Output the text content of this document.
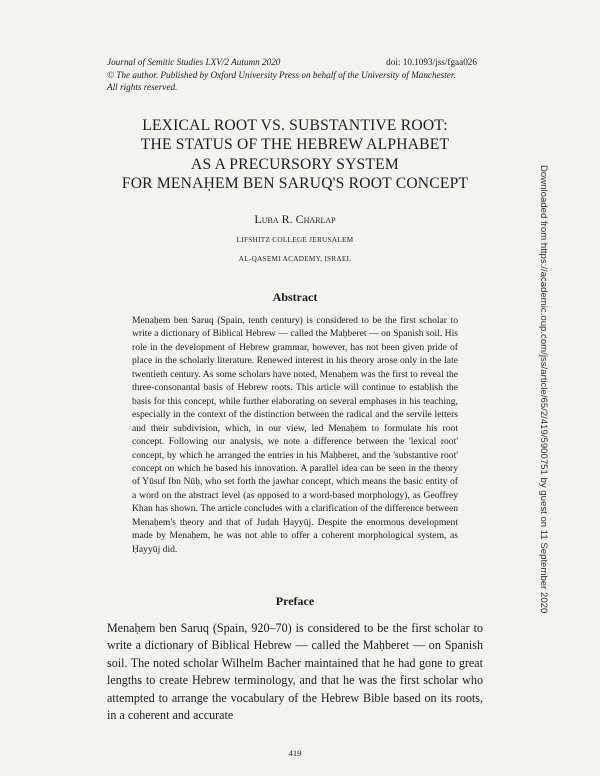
Journal of Semitic Studies LXV/2 Autumn 2020	doi: 10.1093/jss/fgaa026
© The author. Published by Oxford University Press on behalf of the University of Manchester.
All rights reserved.
LEXICAL ROOT VS. SUBSTANTIVE ROOT:
THE STATUS OF THE HEBREW ALPHABET
AS A PRECURSORY SYSTEM
FOR MENAḤEM BEN SARUQ'S ROOT CONCEPT
Luba R. Charlap
LIFSHITZ COLLEGE JERUSALEM
AL-QASEMI ACADEMY, ISRAEL
Abstract

Menaḥem ben Saruq (Spain, tenth century) is considered to be the first scholar to write a dictionary of Biblical Hebrew — called the Maḥberet — on Spanish soil. His role in the development of Hebrew grammar, however, has not been given pride of place in the scholarly literature. Renewed interest in his theory arose only in the late twentieth century. As some scholars have noted, Menaḥem was the first to reveal the three-consonantal basis of Hebrew roots. This article will continue to establish the basis for this concept, while further elaborating on several emphases in his teaching, especially in the context of the distinction between the radical and the servile letters and their subdivision, which, in our view, led Menaḥem to formulate his root concept. Following our analysis, we note a difference between the 'lexical root' concept, by which he arranged the entries in his Maḥberet, and the 'substantive root' concept on which he based his innovation. A parallel idea can be seen in the theory of Yūsuf Ibn Nūḥ, who set forth the jawhar concept, which means the basic entity of a word on the abstract level (as opposed to a word-based morphology), as Geoffrey Khan has shown. The article concludes with a clarification of the difference between Menaḥem's theory and that of Judah Ḥayyūj. Despite the enormous development made by Menaḥem, he was not able to offer a coherent morphological system, as Ḥayyūj did.

Preface

Menaḥem ben Saruq (Spain, 920–70) is considered to be the first scholar to write a dictionary of Biblical Hebrew — called the Maḥberet — on Spanish soil. The noted scholar Wilhelm Bacher maintained that he had gone to great lengths to create Hebrew terminology, and that he was the first scholar who attempted to arrange the vocabulary of the Hebrew Bible based on its roots, in a coherent and accurate

419
Downloaded from https://academic.oup.com/jss/article/65/2/419/5900751 by guest on 11 September 2020
